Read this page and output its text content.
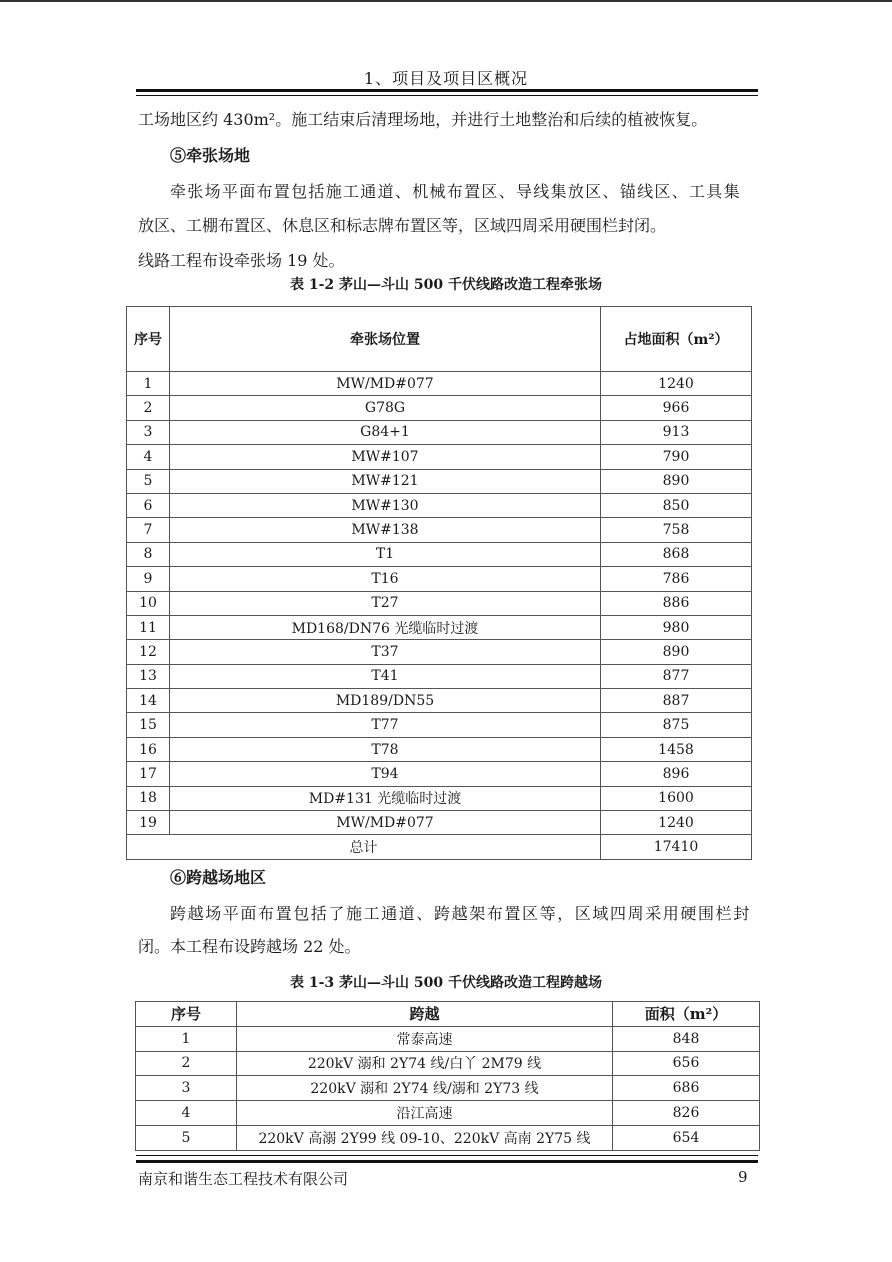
1、项目及项目区概况
工场地区约 430m²。施工结束后清理场地，并进行土地整治和后续的植被恢复。
⑤牵张场地
牵张场平面布置包括施工通道、机械布置区、导线集放区、锚线区、工具集
放区、工棚布置区、休息区和标志牌布置区等，区域四周采用硬围栏封闭。
线路工程布设牵张场 19 处。
表 1-2 茅山—斗山 500 千伏线路改造工程牵张场
序号	牵张场位置	占地面积（m²）
1	MW/MD#077	1240
2	G78G	966
3	G84+1	913
4	MW#107	790
5	MW#121	890
6	MW#130	850
7	MW#138	758
8	T1	868
9	T16	786
10	T27	886
11	MD168/DN76 光缆临时过渡	980
12	T37	890
13	T41	877
14	MD189/DN55	887
15	T77	875
16	T78	1458
17	T94	896
18	MD#131 光缆临时过渡	1600
19	MW/MD#077	1240
总计		17410
⑥跨越场地区
跨越场平面布置包括了施工通道、跨越架布置区等，区域四周采用硬围栏封
闭。本工程布设跨越场 22 处。
表 1-3 茅山—斗山 500 千伏线路改造工程跨越场
序号	跨越	面积（m²）
1	常泰高速	848
2	220kV 溺和 2Y74 线/白丫 2M79 线	656
3	220kV 溺和 2Y74 线/溺和 2Y73 线	686
4	沿江高速	826
5	220kV 高溺 2Y99 线 09-10、220kV 高南 2Y75 线	654
南京和谐生态工程技术有限公司	9
